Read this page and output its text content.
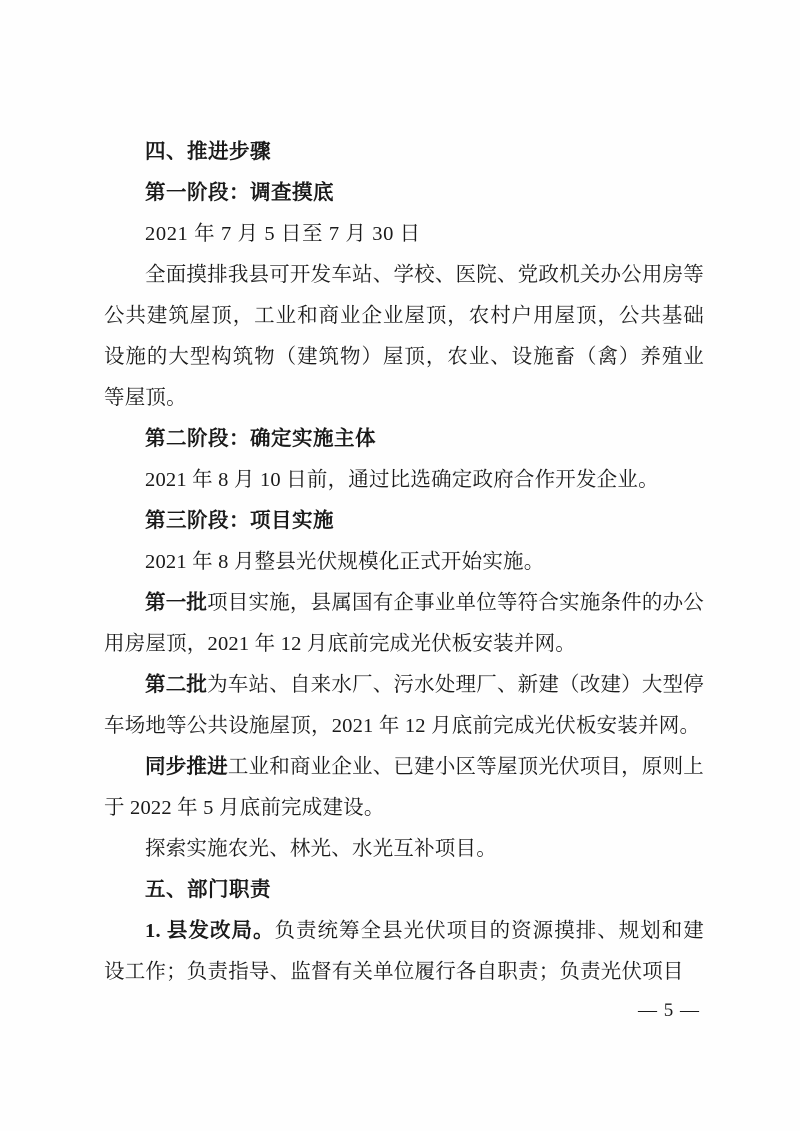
四、推进步骤

第一阶段：调查摸底

2021 年 7 月 5 日至 7 月 30 日

全面摸排我县可开发车站、学校、医院、党政机关办公用房等公共建筑屋顶，工业和商业企业屋顶，农村户用屋顶，公共基础设施的大型构筑物（建筑物）屋顶，农业、设施畜（禽）养殖业等屋顶。

第二阶段：确定实施主体

2021 年 8 月 10 日前，通过比选确定政府合作开发企业。

第三阶段：项目实施

2021 年 8 月整县光伏规模化正式开始实施。

第一批项目实施，县属国有企事业单位等符合实施条件的办公用房屋顶，2021 年 12 月底前完成光伏板安装并网。

第二批为车站、自来水厂、污水处理厂、新建（改建）大型停车场地等公共设施屋顶，2021 年 12 月底前完成光伏板安装并网。

同步推进工业和商业企业、已建小区等屋顶光伏项目，原则上于 2022 年 5 月底前完成建设。

探索实施农光、林光、水光互补项目。

五、部门职责

1. 县发改局。负责统筹全县光伏项目的资源摸排、规划和建设工作；负责指导、监督有关单位履行各自职责；负责光伏项目

— 5 —
